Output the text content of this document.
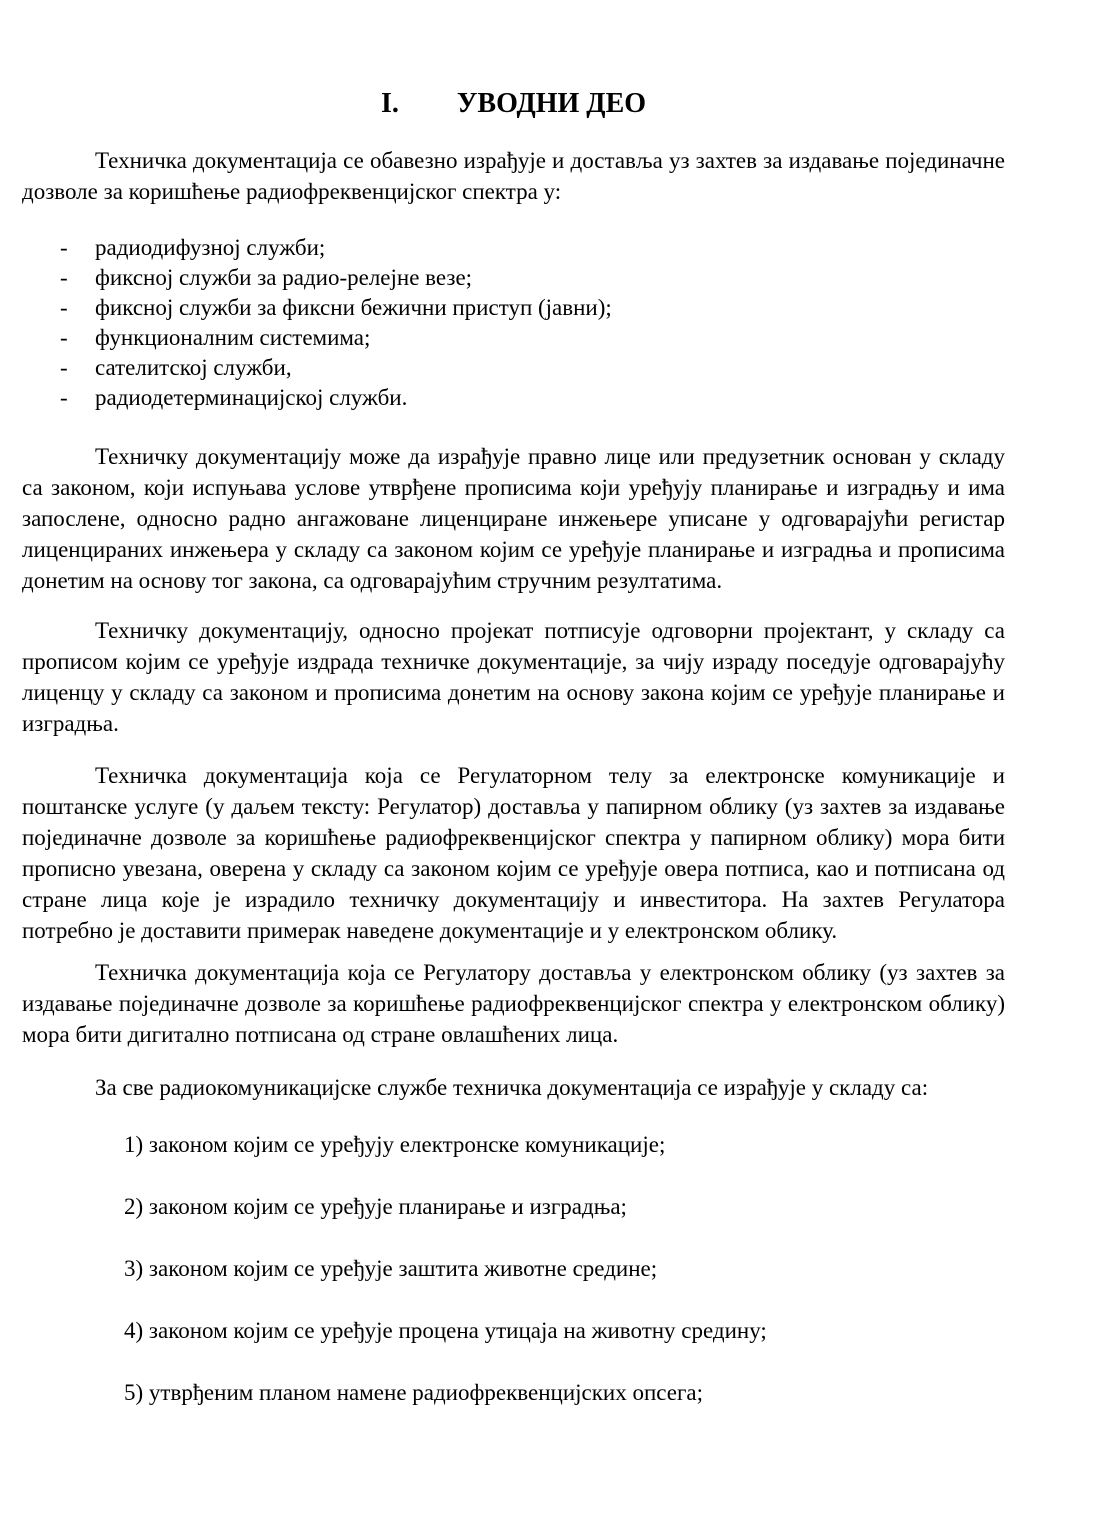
I. УВОДНИ ДЕО

Техничка документација се обавезно израђује и доставља уз захтев за издавање појединачне дозволе за коришћење радиофреквенцијског спектра у:

-	радиодифузној служби;
-	фиксној служби за радио-релејне везе;
-	фиксној служби за фиксни бежични приступ (јавни);
-	функционалним системима;
-	сателитској служби,
-	радиодетерминацијској служби.

Техничку документацију може да израђује правно лице или предузетник основан у складу са законом, који испуњава услове утврђене прописима који уређују планирање и изградњу и има запослене, односно радно ангажоване лиценциране инжењере уписане у одговарајући регистар лиценцираних инжењера у складу са законом којим се уређује планирање и изградња и прописима донетим на основу тог закона, са одговарајућим стручним резултатима.

Техничку документацију, односно пројекат потписује одговорни пројектант, у складу са прописом којим се уређује издрада техничке документације, за чију израду поседује одговарајућу лиценцу у складу са законом и прописима донетим на основу закона којим се уређује планирање и изградња.

Техничка документација која се Регулаторном телу за електронске комуникације и поштанске услуге (у даљем тексту: Регулатор) доставља у папирном облику (уз захтев за издавање појединачне дозволе за коришћење радиофреквенцијског спектра у папирном облику) мора бити прописно увезана, оверена у складу са законом којим се уређује овера потписа, као и потписана од стране лица које је израдило техничку документацију и инвеститора. На захтев Регулатора потребно је доставити примерак наведене документације и у електронском облику.

Техничка документација која се Регулатору доставља у електронском облику (уз захтев за издавање појединачне дозволе за коришћење радиофреквенцијског спектра у електронском облику) мора бити дигитално потписана од стране овлашћених лица.

За све радиокомуникацијске службе техничка документација се израђује у складу са:

1) законом којим се уређују електронске комуникације;

2) законом којим се уређује планирање и изградња;

3) законом којим се уређује заштита животне средине;

4) законом којим се уређује процена утицаја на животну средину;

5) утврђеним планом намене радиофреквенцијских опсега;
